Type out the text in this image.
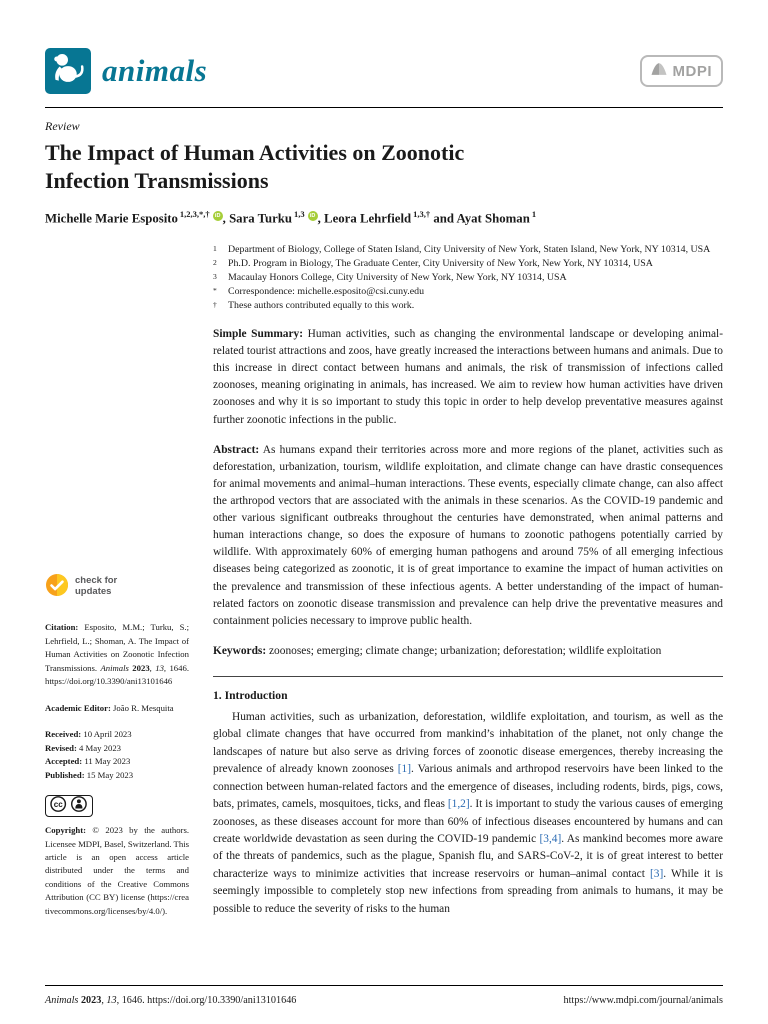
animals	MDPI
Review
The Impact of Human Activities on Zoonotic
Infection Transmissions

Michelle Marie Esposito $^{1,2,3,*,\dagger}$ iD , Sara Turku $^{1,3}$ iD , Leora Lehrfield $^{1,3,\dagger}$ and Ayat Shoman $^1$

check for
updates

Citation: Esposito, M.M.; Turku, S.; Lehrfield, L.; Shoman, A. The Impact of Human Activities on Zoonotic Infection Transmissions. Animals 2023, 13, 1646. https://doi.org/10.3390/ani13101646

Academic Editor: João R. Mesquita

Received: 10 April 2023
Revised: 4 May 2023
Accepted: 11 May 2023
Published: 15 May 2023
cc

Copyright: © 2023 by the authors. Licensee MDPI, Basel, Switzerland. This article is an open access article distributed under the terms and conditions of the Creative Commons Attribution (CC BY) license (https://creativecommons.org/licenses/by/4.0/).

1	Department of Biology, College of Staten Island, City University of New York, Staten Island, New York, NY 10314, USA
2	Ph.D. Program in Biology, The Graduate Center, City University of New York, New York, NY 10314, USA
3	Macaulay Honors College, City University of New York, New York, NY 10314, USA
*	Correspondence: michelle.esposito@csi.cuny.edu
†	These authors contributed equally to this work.

Simple Summary: Human activities, such as changing the environmental landscape or developing animal-related tourist attractions and zoos, have greatly increased the interactions between humans and animals. Due to this increase in direct contact between humans and animals, the risk of transmission of infections called zoonoses, meaning originating in animals, has increased. We aim to review how human activities have driven zoonoses and why it is so important to study this topic in order to help develop preventative measures against further zoonotic infections in the public.

Abstract: As humans expand their territories across more and more regions of the planet, activities such as deforestation, urbanization, tourism, wildlife exploitation, and climate change can have drastic consequences for animal movements and animal–human interactions. These events, especially climate change, can also affect the arthropod vectors that are associated with the animals in these scenarios. As the COVID-19 pandemic and other various significant outbreaks throughout the centuries have demonstrated, when animal patterns and human interactions change, so does the exposure of humans to zoonotic pathogens potentially carried by wildlife. With approximately 60% of emerging human pathogens and around 75% of all emerging infectious diseases being categorized as zoonotic, it is of great importance to examine the impact of human activities on the prevalence and transmission of these infectious agents. A better understanding of the impact of human-related factors on zoonotic disease transmission and prevalence can help drive the preventative measures and containment policies necessary to improve public health.

Keywords: zoonoses; emerging; climate change; urbanization; deforestation; wildlife exploitation

1. Introduction

Human activities, such as urbanization, deforestation, wildlife exploitation, and tourism, as well as the global climate changes that have occurred from mankind’s inhabitation of the planet, not only change the landscapes of nature but also serve as driving forces of zoonotic disease emergences, thereby increasing the prevalence of already known zoonoses [1]. Various animals and arthropod reservoirs have been linked to the connection between human-related factors and the emergence of diseases, including rodents, birds, pigs, cows, bats, primates, camels, mosquitoes, ticks, and fleas [1,2]. It is important to study the various causes of emerging zoonoses, as these diseases account for more than 60% of infectious diseases encountered by humans and can create worldwide devastation as seen during the COVID-19 pandemic [3,4]. As mankind becomes more aware of the threats of pandemics, such as the plague, Spanish flu, and SARS-CoV-2, it is of great interest to better characterize ways to minimize activities that increase reservoirs or human–animal contact [3]. While it is seemingly impossible to completely stop new infections from spreading from animals to humans, it may be possible to reduce the severity of risks to the human

Animals 2023, 13, 1646. https://doi.org/10.3390/ani13101646	https://www.mdpi.com/journal/animals
